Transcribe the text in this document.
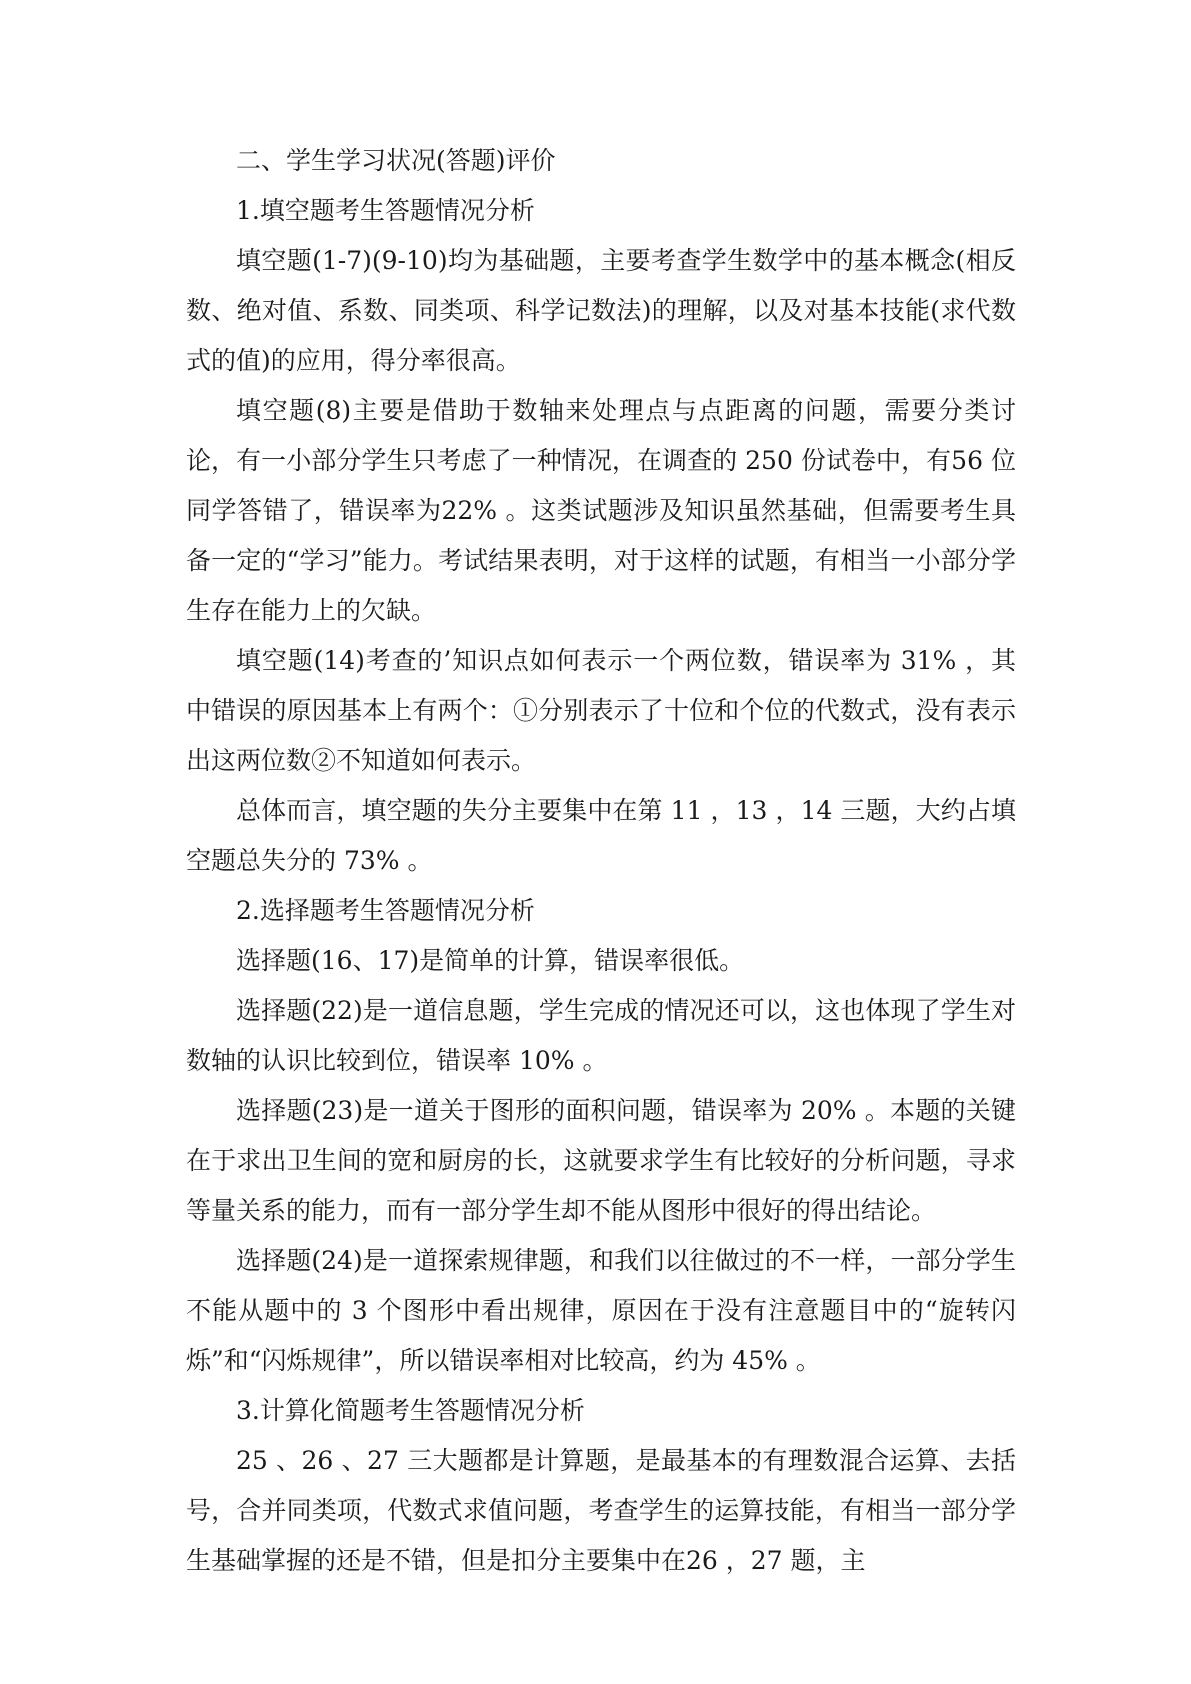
二、学生学习状况(答题)评价

1.填空题考生答题情况分析

填空题(1-7)(9-10)均为基础题，主要考查学生数学中的基本概念(相反数、绝对值、系数、同类项、科学记数法)的理解，以及对基本技能(求代数式的值)的应用，得分率很高。

填空题(8)主要是借助于数轴来处理点与点距离的问题，需要分类讨论，有一小部分学生只考虑了一种情况，在调查的 250 份试卷中，有56 位同学答错了，错误率为22% 。这类试题涉及知识虽然基础，但需要考生具备一定的“学习”能力。考试结果表明，对于这样的试题，有相当一小部分学生存在能力上的欠缺。

填空题(14)考查的’知识点如何表示一个两位数，错误率为 31% ，其中错误的原因基本上有两个：①分别表示了十位和个位的代数式，没有表示出这两位数②不知道如何表示。

总体而言，填空题的失分主要集中在第 11 ，13 ，14 三题，大约占填空题总失分的 73% 。

2.选择题考生答题情况分析

选择题(16、17)是简单的计算，错误率很低。

选择题(22)是一道信息题，学生完成的情况还可以，这也体现了学生对数轴的认识比较到位，错误率 10% 。

选择题(23)是一道关于图形的面积问题，错误率为 20% 。本题的关键在于求出卫生间的宽和厨房的长，这就要求学生有比较好的分析问题，寻求等量关系的能力，而有一部分学生却不能从图形中很好的得出结论。

选择题(24)是一道探索规律题，和我们以往做过的不一样，一部分学生不能从题中的 3 个图形中看出规律，原因在于没有注意题目中的“旋转闪烁”和“闪烁规律”，所以错误率相对比较高，约为 45% 。

3.计算化简题考生答题情况分析

25 、26 、27 三大题都是计算题，是最基本的有理数混合运算、去括号，合并同类项，代数式求值问题，考查学生的运算技能，有相当一部分学生基础掌握的还是不错，但是扣分主要集中在26 ，27 题，主
